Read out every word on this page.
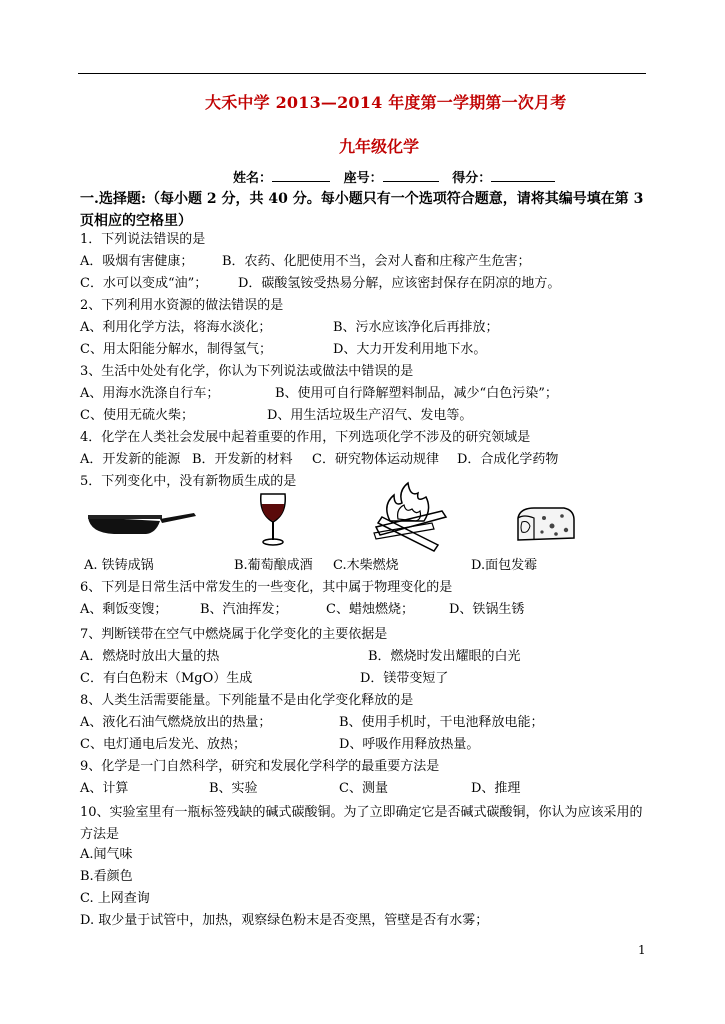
大禾中学 2013—2014 年度第一学期第一次月考
九年级化学
姓名：	座号：	得分：
一.选择题:（每小题 2 分，共 40 分。每小题只有一个选项符合题意，请将其编号填在第 3 页相应的空格里）
1．下列说法错误的是
A．吸烟有害健康； B．农药、化肥使用不当，会对人畜和庄稼产生危害；
C．水可以变成“油”； D．碳酸氢铵受热易分解，应该密封保存在阴凉的地方。
2、下列利用水资源的做法错误的是
A、利用化学方法，将海水淡化；	B、污水应该净化后再排放；
C、用太阳能分解水，制得氢气；	D、大力开发利用地下水。
3、生活中处处有化学，你认为下列说法或做法中错误的是
A、用海水洗涤自行车；	B、使用可自行降解塑料制品，减少“白色污染”；
C、使用无硫火柴；	D、用生活垃圾生产沼气、发电等。
4．化学在人类社会发展中起着重要的作用，下列选项化学不涉及的研究领域是
A．开发新的能源 B．开发新的材料 C．研究物体运动规律 D．合成化学药物
5．下列变化中，没有新物质生成的是
A. 铁铸成锅	B.葡萄酿成酒 C.木柴燃烧	D.面包发霉
6、下列是日常生活中常发生的一些变化，其中属于物理变化的是
A、剩饭变馊；	B、汽油挥发；	C、蜡烛燃烧；	D、铁锅生锈
7、判断镁带在空气中燃烧属于化学变化的主要依据是
A．燃烧时放出大量的热	B．燃烧时发出耀眼的白光
C．有白色粉末（MgO）生成	D．镁带变短了
8、人类生活需要能量。下列能量不是由化学变化释放的是
A、液化石油气燃烧放出的热量；	B、使用手机时，干电池释放电能；
C、电灯通电后发光、放热；	D、呼吸作用释放热量。
9、化学是一门自然科学，研究和发展化学科学的最重要方法是
A、计算	B、实验	C、测量	D、推理
10、实验室里有一瓶标签残缺的碱式碳酸铜。为了立即确定它是否碱式碳酸铜，你认为应该采用的方法是
A.闻气味
B.看颜色
C. 上网查询
D. 取少量于试管中，加热，观察绿色粉末是否变黑，管壁是否有水雾；
1
